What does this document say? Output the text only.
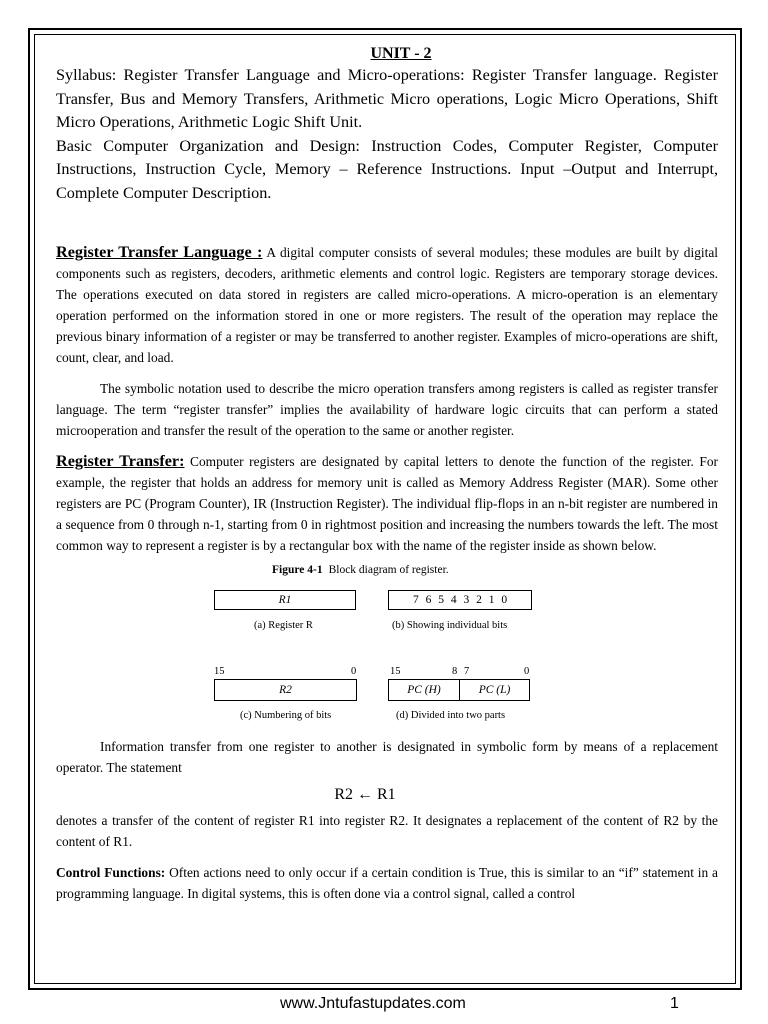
UNIT - 2

Syllabus: Register Transfer Language and Micro-operations: Register Transfer language. Register Transfer, Bus and Memory Transfers, Arithmetic Micro operations, Logic Micro Operations, Shift Micro Operations, Arithmetic Logic Shift Unit.

Basic Computer Organization and Design: Instruction Codes, Computer Register, Computer Instructions, Instruction Cycle, Memory – Reference Instructions. Input –Output and Interrupt, Complete Computer Description.

Register Transfer Language : A digital computer consists of several modules; these modules are built by digital components such as registers, decoders, arithmetic elements and control logic. Registers are temporary storage devices. The operations executed on data stored in registers are called micro-operations. A micro-operation is an elementary operation performed on the information stored in one or more registers. The result of the operation may replace the previous binary information of a register or may be transferred to another register. Examples of micro-operations are shift, count, clear, and load.

The symbolic notation used to describe the micro operation transfers among registers is called as register transfer language. The term “register transfer” implies the availability of hardware logic circuits that can perform a stated microoperation and transfer the result of the operation to the same or another register.

Register Transfer: Computer registers are designated by capital letters to denote the function of the register. For example, the register that holds an address for memory unit is called as Memory Address Register (MAR). Some other registers are PC (Program Counter), IR (Instruction Register). The individual flip-flops in an n-bit register are numbered in a sequence from 0 through n-1, starting from 0 in rightmost position and increasing the numbers towards the left. The most common way to represent a register is by a rectangular box with the name of the register inside as shown below.

Figure 4-1 Block diagram of register.
R1	7 6 5 4 3 2 1 0
(a) Register R	(b) Showing individual bits
15	0
R2
15	8 7	0
PC (H)	PC (L)
(c) Numbering of bits	(d) Divided into two parts

Information transfer from one register to another is designated in symbolic form by means of a replacement operator. The statement

R2 ← R1

denotes a transfer of the content of register R1 into register R2. It designates a replacement of the content of R2 by the content of R1.

Control Functions: Often actions need to only occur if a certain condition is True, this is similar to an “if” statement in a programming language. In digital systems, this is often done via a control signal, called a control

www.Jntufastupdates.com	1
